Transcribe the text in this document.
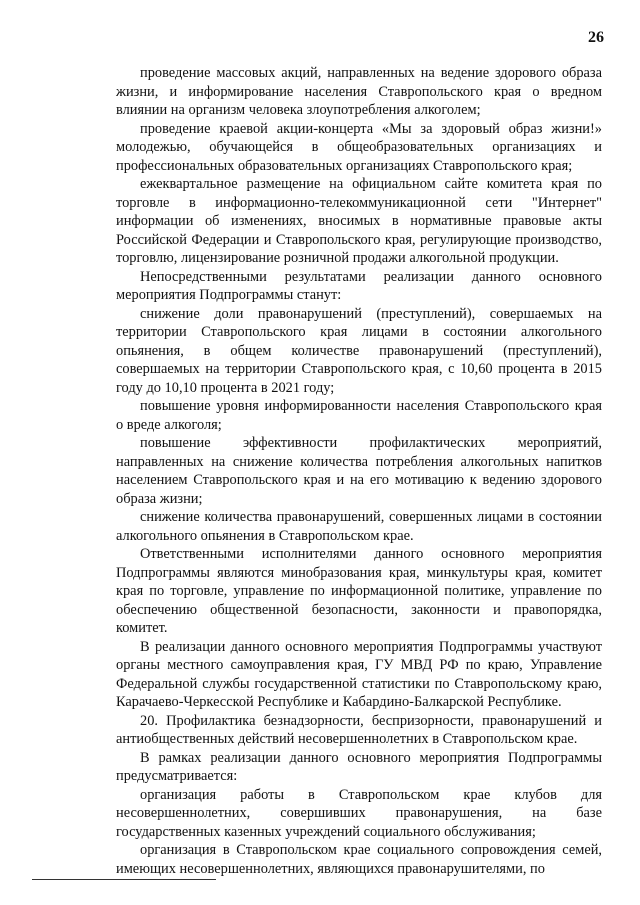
26

проведение массовых акций, направленных на ведение здорового образа жизни, и информирование населения Ставропольского края о вредном влиянии на организм человека злоупотребления алкоголем;

проведение краевой акции-концерта «Мы за здоровый образ жизни!» молодежью, обучающейся в общеобразовательных организациях и профессиональных образовательных организациях Ставропольского края;

ежеквартальное размещение на официальном сайте комитета края по торговле в информационно-телекоммуникационной сети "Интернет" информации об изменениях, вносимых в нормативные правовые акты Российской Федерации и Ставропольского края, регулирующие производство, торговлю, лицензирование розничной продажи алкогольной продукции.

Непосредственными результатами реализации данного основного мероприятия Подпрограммы станут:

снижение доли правонарушений (преступлений), совершаемых на территории Ставропольского края лицами в состоянии алкогольного опьянения, в общем количестве правонарушений (преступлений), совершаемых на территории Ставропольского края, с 10,60 процента в 2015 году до 10,10 процента в 2021 году;

повышение уровня информированности населения Ставропольского края о вреде алкоголя;

повышение эффективности профилактических мероприятий, направленных на снижение количества потребления алкогольных напитков населением Ставропольского края и на его мотивацию к ведению здорового образа жизни;

снижение количества правонарушений, совершенных лицами в состоянии алкогольного опьянения в Ставропольском крае.

Ответственными исполнителями данного основного мероприятия Подпрограммы являются минобразования края, минкультуры края, комитет края по торговле, управление по информационной политике, управление по обеспечению общественной безопасности, законности и правопорядка, комитет.

В реализации данного основного мероприятия Подпрограммы участвуют органы местного самоуправления края, ГУ МВД РФ по краю, Управление Федеральной службы государственной статистики по Ставропольскому краю, Карачаево-Черкесской Республике и Кабардино-Балкарской Республике.

20. Профилактика безнадзорности, беспризорности, правонарушений и антиобщественных действий несовершеннолетних в Ставропольском крае.

В рамках реализации данного основного мероприятия Подпрограммы предусматривается:

организация работы в Ставропольском крае клубов для несовершеннолетних, совершивших правонарушения, на базе государственных казенных учреждений социального обслуживания;

организация в Ставропольском крае социального сопровождения семей, имеющих несовершеннолетних, являющихся правонарушителями, по
